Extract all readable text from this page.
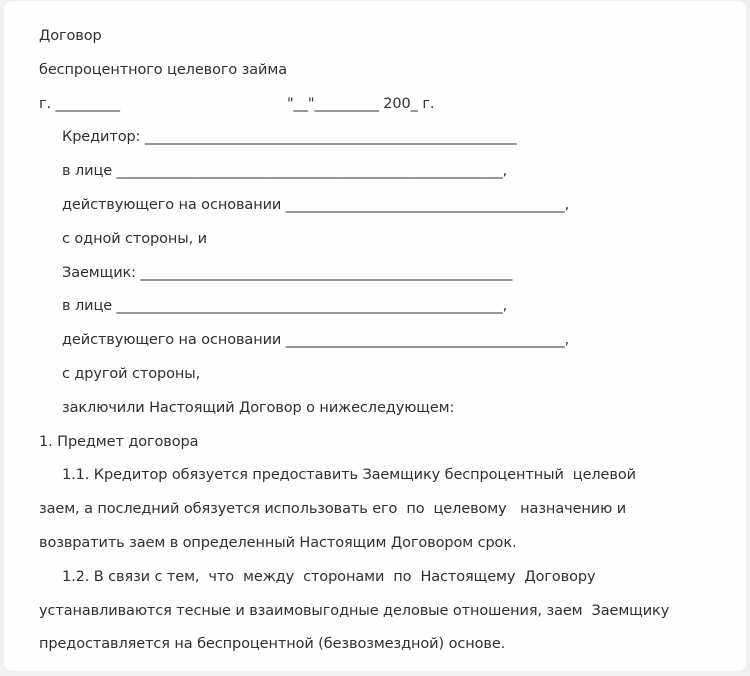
Договор

беспроцентного целевого займа

г. _________	"__"_________ 200_ г.

Кредитор: ____________________________________________________

в лице ______________________________________________________,

действующего на основании _______________________________________,

с одной стороны, и

Заемщик: ____________________________________________________

в лице ______________________________________________________,

действующего на основании _______________________________________,

с другой стороны,

заключили Настоящий Договор о нижеследующем:

1. Предмет договора

1.1. Кредитор обязуется предоставить Заемщику беспроцентный  целевой

заем, а последний обязуется использовать его  по  целевому   назначению и

возвратить заем в определенный Настоящим Договором срок.

1.2. В связи с тем,  что  между  сторонами  по  Настоящему  Договору

устанавливаются тесные и взаимовыгодные деловые отношения, заем  Заемщику

предоставляется на беспроцентной (безвозмездной) основе.
